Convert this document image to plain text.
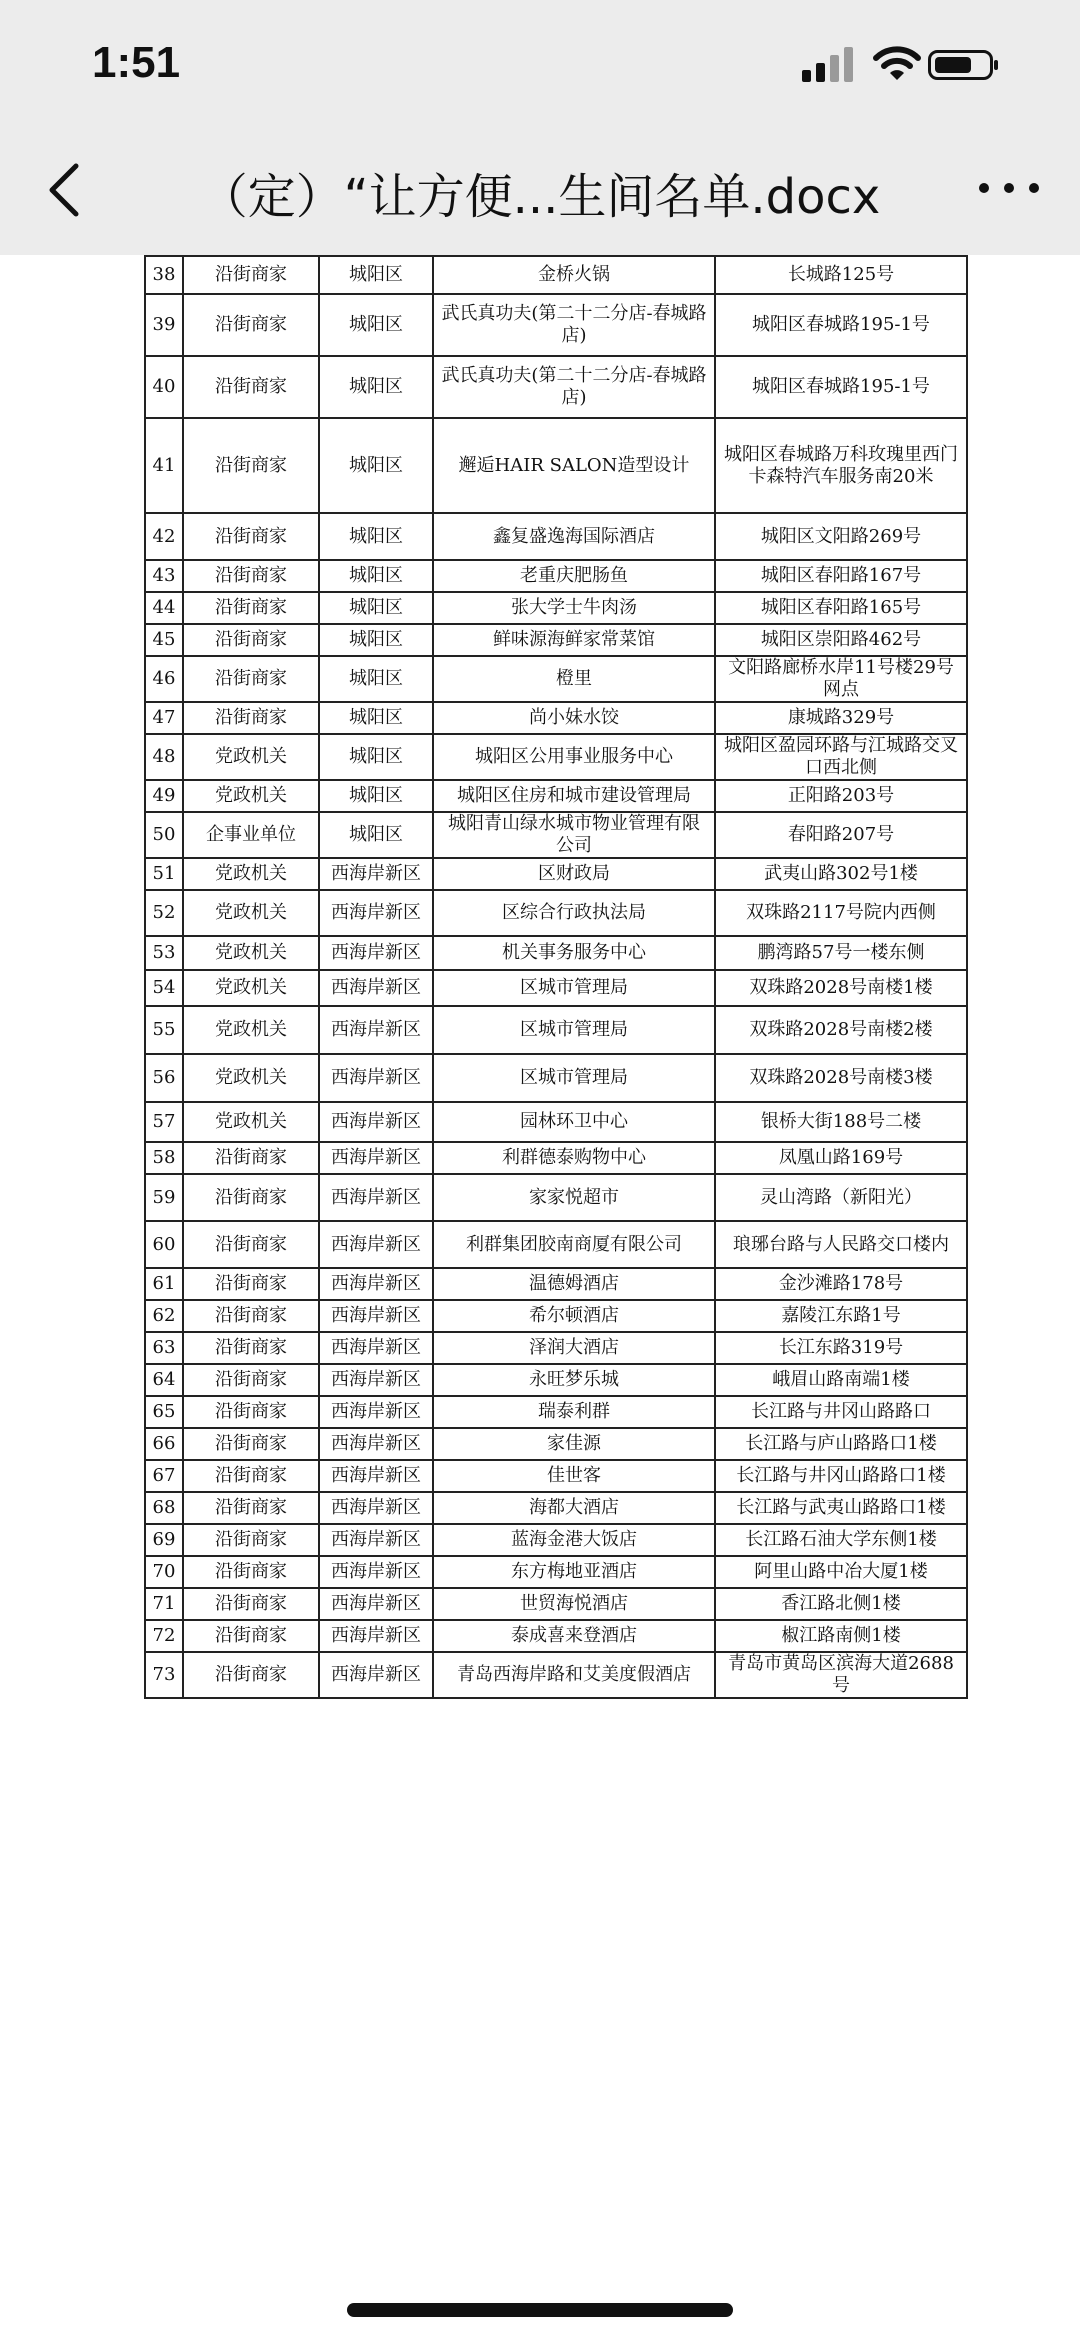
1:51
（定）“让方便...生间名单.docx
38	沿街商家	城阳区	金桥火锅	长城路125号
39	沿街商家	城阳区	武氏真功夫(第二十二分店-春城路店)	城阳区春城路195-1号
40	沿街商家	城阳区	武氏真功夫(第二十二分店-春城路店)	城阳区春城路195-1号
41	沿街商家	城阳区	邂逅HAIR SALON造型设计	城阳区春城路万科玫瑰里西门卡森特汽车服务南20米
42	沿街商家	城阳区	鑫复盛逸海国际酒店	城阳区文阳路269号
43	沿街商家	城阳区	老重庆肥肠鱼	城阳区春阳路167号
44	沿街商家	城阳区	张大学士牛肉汤	城阳区春阳路165号
45	沿街商家	城阳区	鲜味源海鲜家常菜馆	城阳区崇阳路462号
46	沿街商家	城阳区	橙里	文阳路廊桥水岸11号楼29号网点
47	沿街商家	城阳区	尚小妹水饺	康城路329号
48	党政机关	城阳区	城阳区公用事业服务中心	城阳区盈园环路与江城路交叉口西北侧
49	党政机关	城阳区	城阳区住房和城市建设管理局	正阳路203号
50	企事业单位	城阳区	城阳青山绿水城市物业管理有限公司	春阳路207号
51	党政机关	西海岸新区	区财政局	武夷山路302号1楼
52	党政机关	西海岸新区	区综合行政执法局	双珠路2117号院内西侧
53	党政机关	西海岸新区	机关事务服务中心	鹏湾路57号一楼东侧
54	党政机关	西海岸新区	区城市管理局	双珠路2028号南楼1楼
55	党政机关	西海岸新区	区城市管理局	双珠路2028号南楼2楼
56	党政机关	西海岸新区	区城市管理局	双珠路2028号南楼3楼
57	党政机关	西海岸新区	园林环卫中心	银桥大街188号二楼
58	沿街商家	西海岸新区	利群德泰购物中心	凤凰山路169号
59	沿街商家	西海岸新区	家家悦超市	灵山湾路（新阳光）
60	沿街商家	西海岸新区	利群集团胶南商厦有限公司	琅琊台路与人民路交口楼内
61	沿街商家	西海岸新区	温德姆酒店	金沙滩路178号
62	沿街商家	西海岸新区	希尔顿酒店	嘉陵江东路1号
63	沿街商家	西海岸新区	泽润大酒店	长江东路319号
64	沿街商家	西海岸新区	永旺梦乐城	峨眉山路南端1楼
65	沿街商家	西海岸新区	瑞泰利群	长江路与井冈山路路口
66	沿街商家	西海岸新区	家佳源	长江路与庐山路路口1楼
67	沿街商家	西海岸新区	佳世客	长江路与井冈山路路口1楼
68	沿街商家	西海岸新区	海都大酒店	长江路与武夷山路路口1楼
69	沿街商家	西海岸新区	蓝海金港大饭店	长江路石油大学东侧1楼
70	沿街商家	西海岸新区	东方梅地亚酒店	阿里山路中冶大厦1楼
71	沿街商家	西海岸新区	世贸海悦酒店	香江路北侧1楼
72	沿街商家	西海岸新区	泰成喜来登酒店	椒江路南侧1楼
73	沿街商家	西海岸新区	青岛西海岸路和艾美度假酒店	青岛市黄岛区滨海大道2688号
